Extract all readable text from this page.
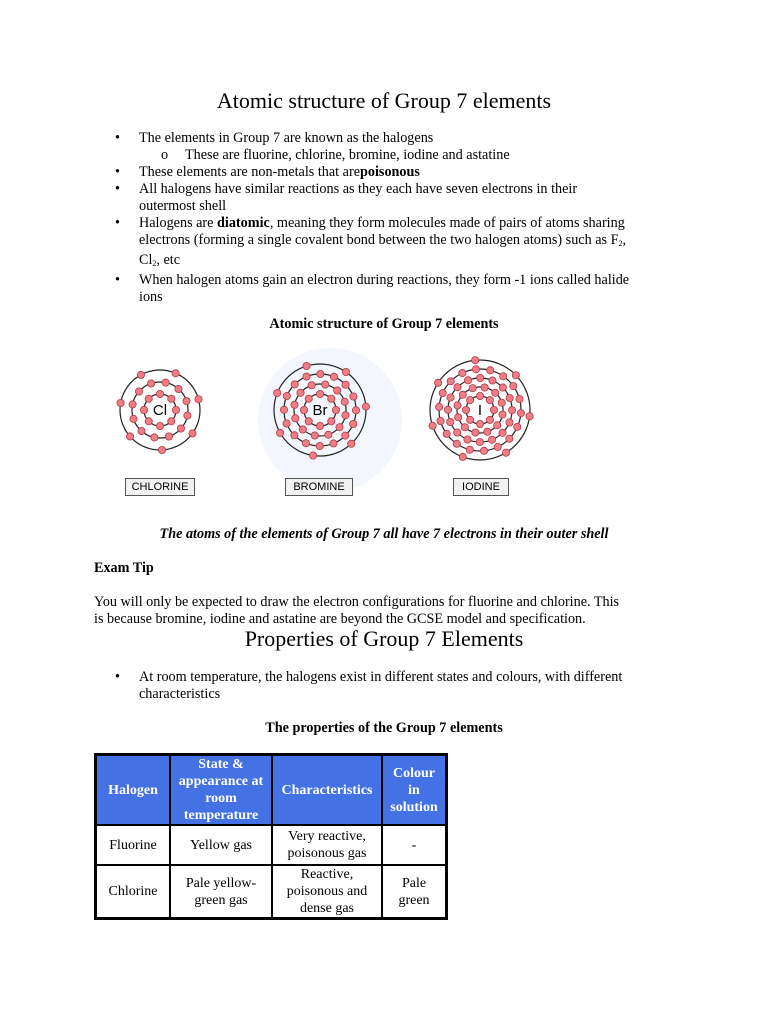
Atomic structure of Group 7 elements
• The elements in Group 7 are known as the halogens
o These are fluorine, chlorine, bromine, iodine and astatine
• These elements are non-metals that arepoisonous
• All halogens have similar reactions as they each have seven electrons in their
outermost shell
• Halogens are diatomic, meaning they form molecules made of pairs of atoms sharing
electrons (forming a single covalent bond between the two halogen atoms) such as $F_2$,
$Cl_2$, etc
• When halogen atoms gain an electron during reactions, they form -1 ions called halide
ions
Atomic structure of Group 7 elements
Cl	Br	I
CHLORINE	BROMINE	IODINE
The atoms of the elements of Group 7 all have 7 electrons in their outer shell
Exam Tip
You will only be expected to draw the electron configurations for fluorine and chlorine. This
is because bromine, iodine and astatine are beyond the GCSE model and specification.
Properties of Group 7 Elements
• At room temperature, the halogens exist in different states and colours, with different
characteristics
The properties of the Group 7 elements
Halogen	State & appearance at room temperature	Characteristics	Colour in solution
Fluorine	Yellow gas	Very reactive, poisonous gas	-
Chlorine	Pale yellow-green gas	Reactive, poisonous and dense gas	Pale green
